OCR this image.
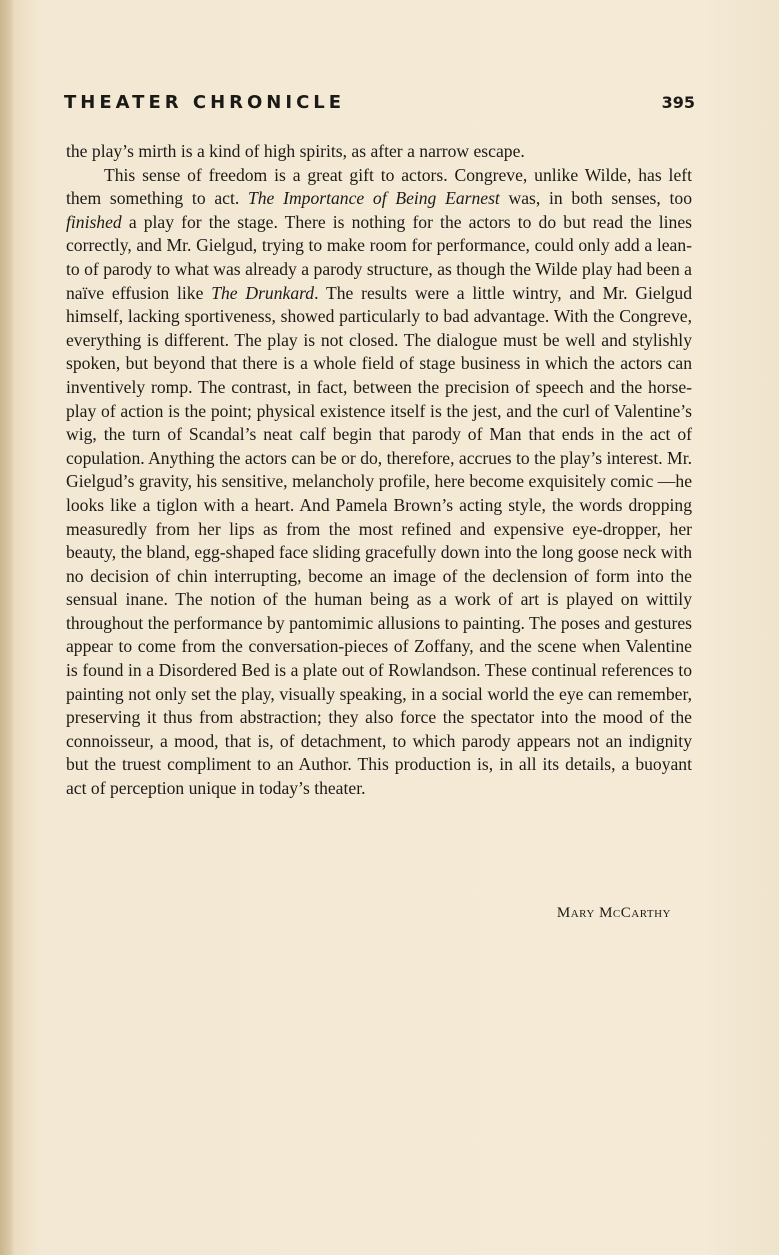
THEATER CHRONICLE	395

the play’s mirth is a kind of high spirits, as after a narrow escape.

This sense of freedom is a great gift to actors. Congreve, unlike Wilde, has left them something to act. The Importance of Being Earnest was, in both senses, too finished a play for the stage. There is nothing for the actors to do but read the lines correctly, and Mr. Gielgud, trying to make room for performance, could only add a lean-to of parody to what was already a parody structure, as though the Wilde play had been a naïve effusion like The Drunkard. The results were a little wintry, and Mr. Gielgud himself, lacking sportiveness, showed particularly to bad advantage. With the Congreve, everything is different. The play is not closed. The dialogue must be well and stylishly spoken, but beyond that there is a whole field of stage business in which the actors can inventively romp. The contrast, in fact, between the precision of speech and the horse-play of action is the point; physical existence itself is the jest, and the curl of Valentine’s wig, the turn of Scandal’s neat calf begin that parody of Man that ends in the act of copulation. Anything the actors can be or do, therefore, accrues to the play’s interest. Mr. Gielgud’s gravity, his sensitive, melancholy profile, here become exquisitely comic —he looks like a tiglon with a heart. And Pamela Brown’s acting style, the words dropping measuredly from her lips as from the most refined and expensive eye-dropper, her beauty, the bland, egg-shaped face sliding gracefully down into the long goose neck with no decision of chin interrupting, become an image of the declension of form into the sensual inane. The notion of the human being as a work of art is played on wittily throughout the performance by pantomimic allusions to painting. The poses and gestures appear to come from the conversation-pieces of Zoffany, and the scene when Valentine is found in a Disordered Bed is a plate out of Rowlandson. These continual references to painting not only set the play, visually speaking, in a social world the eye can remember, preserving it thus from abstraction; they also force the spectator into the mood of the connoisseur, a mood, that is, of detachment, to which parody appears not an indignity but the truest compliment to an Author. This production is, in all its details, a buoyant act of perception unique in today’s theater.

Mary McCarthy
